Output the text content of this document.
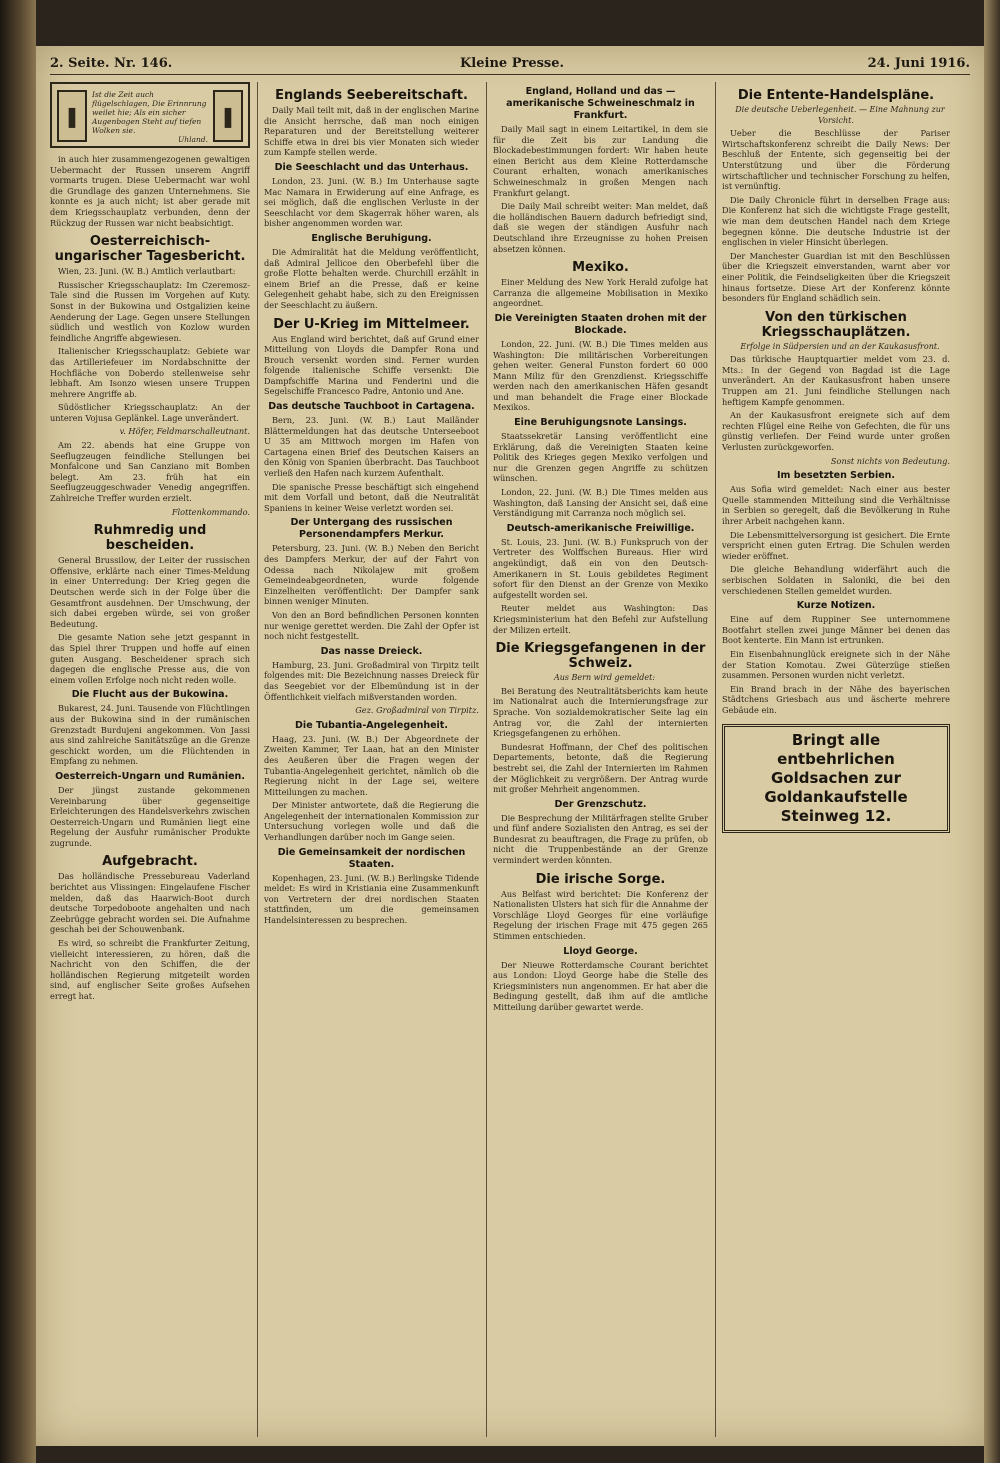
2. Seite. Nr. 146.	Kleine Presse.	24. Juni 1916.
❚
Ist die Zeit auch flügelschlagen, Die Erinnrung weilet hie; Als ein sicher Augenbogen Steht auf tiefen Wolken sie.

Uhland.
❚

in auch hier zusammengezogenen gewaltigen Uebermacht der Russen unserem Angriff vormarts trugen. Diese Uebermacht war wohl die Grundlage des ganzen Unternehmens. Sie konnte es ja auch nicht; ist aber gerade mit dem Kriegsschauplatz verbunden, denn der Rückzug der Russen war nicht beabsichtigt.

Oesterreichisch-ungarischer Tagesbericht.

Wien, 23. Juni. (W. B.) Amtlich verlautbart:

Russischer Kriegsschauplatz: Im Czeremosz-Tale sind die Russen im Vorgehen auf Kuty. Sonst in der Bukowina und Ostgalizien keine Aenderung der Lage. Gegen unsere Stellungen südlich und westlich von Kozlow wurden feindliche Angriffe abgewiesen.

Italienischer Kriegsschauplatz: Gebiete war das Artilleriefeuer im Nordabschnitte der Hochfläche von Doberdo stellenweise sehr lebhaft. Am Isonzo wiesen unsere Truppen mehrere Angriffe ab.

Südöstlicher Kriegsschauplatz: An der unteren Vojusa Geplänkel. Lage unverändert.

v. Höfer, Feldmarschalleutnant.

Am 22. abends hat eine Gruppe von Seeflugzeugen feindliche Stellungen bei Monfalcone und San Canziano mit Bomben belegt. Am 23. früh hat ein Seeflugzeuggeschwader Venedig angegriffen. Zahlreiche Treffer wurden erzielt.

Flottenkommando.

Ruhmredig und bescheiden.

General Brussilow, der Leiter der russischen Offensive, erklärte nach einer Times-Meldung in einer Unterredung: Der Krieg gegen die Deutschen werde sich in der Folge über die Gesamtfront ausdehnen. Der Umschwung, der sich dabei ergeben würde, sei von großer Bedeutung.

Die gesamte Nation sehe jetzt gespannt in das Spiel ihrer Truppen und hoffe auf einen guten Ausgang. Bescheidener sprach sich dagegen die englische Presse aus, die von einem vollen Erfolge noch nicht reden wolle.

Die Flucht aus der Bukowina.

Bukarest, 24. Juni. Tausende von Flüchtlingen aus der Bukowina sind in der rumänischen Grenzstadt Burdujeni angekommen. Von Jassi aus sind zahlreiche Sanitätszüge an die Grenze geschickt worden, um die Flüchtenden in Empfang zu nehmen.

Oesterreich-Ungarn und Rumänien.

Der jüngst zustande gekommenen Vereinbarung über gegenseitige Erleichterungen des Handelsverkehrs zwischen Oesterreich-Ungarn und Rumänien liegt eine Regelung der Ausfuhr rumänischer Produkte zugrunde.

Aufgebracht.

Das holländische Pressebureau Vaderland berichtet aus Vlissingen: Eingelaufene Fischer melden, daß das Haarwich-Boot durch deutsche Torpedoboote angehalten und nach Zeebrügge gebracht worden sei. Die Aufnahme geschah bei der Schouwenbank.

Es wird, so schreibt die Frankfurter Zeitung, vielleicht interessieren, zu hören, daß die Nachricht von den Schiffen, die der holländischen Regierung mitgeteilt worden sind, auf englischer Seite großes Aufsehen erregt hat.

Englands Seebereitschaft.

Daily Mail teilt mit, daß in der englischen Marine die Ansicht herrsche, daß man noch einigen Reparaturen und der Bereitstellung weiterer Schiffe etwa in drei bis vier Monaten sich wieder zum Kampfe stellen werde.

Die Seeschlacht und das Unterhaus.

London, 23. Juni. (W. B.) Im Unterhause sagte Mac Namara in Erwiderung auf eine Anfrage, es sei möglich, daß die englischen Verluste in der Seeschlacht vor dem Skagerrak höher waren, als bisher angenommen worden war.

Englische Beruhigung.

Die Admiralität hat die Meldung veröffentlicht, daß Admiral Jellicoe den Oberbefehl über die große Flotte behalten werde. Churchill erzählt in einem Brief an die Presse, daß er keine Gelegenheit gehabt habe, sich zu den Ereignissen der Seeschlacht zu äußern.

Der U-Krieg im Mittelmeer.

Aus England wird berichtet, daß auf Grund einer Mitteilung von Lloyds die Dampfer Rona und Brouch versenkt worden sind. Ferner wurden folgende italienische Schiffe versenkt: Die Dampfschiffe Marina und Fenderini und die Segelschiffe Francesco Padre, Antonio und Ane.

Das deutsche Tauchboot in Cartagena.

Bern, 23. Juni. (W. B.) Laut Mailänder Blättermeldungen hat das deutsche Unterseeboot U 35 am Mittwoch morgen im Hafen von Cartagena einen Brief des Deutschen Kaisers an den König von Spanien überbracht. Das Tauchboot verließ den Hafen nach kurzem Aufenthalt.

Die spanische Presse beschäftigt sich eingehend mit dem Vorfall und betont, daß die Neutralität Spaniens in keiner Weise verletzt worden sei.

Der Untergang des russischen Personendampfers Merkur.

Petersburg, 23. Juni. (W. B.) Neben den Bericht des Dampfers Merkur, der auf der Fahrt von Odessa nach Nikolajew mit großem Gemeindeabgeordneten, wurde folgende Einzelheiten veröffentlicht: Der Dampfer sank binnen weniger Minuten.

Von den an Bord befindlichen Personen konnten nur wenige gerettet werden. Die Zahl der Opfer ist noch nicht festgestellt.

Das nasse Dreieck.

Hamburg, 23. Juni. Großadmiral von Tirpitz teilt folgendes mit: Die Bezeichnung nasses Dreieck für das Seegebiet vor der Elbemündung ist in der Öffentlichkeit vielfach mißverstanden worden.

Gez. Großadmiral von Tirpitz.

Die Tubantia-Angelegenheit.

Haag, 23. Juni. (W. B.) Der Abgeordnete der Zweiten Kammer, Ter Laan, hat an den Minister des Aeußeren über die Fragen wegen der Tubantia-Angelegenheit gerichtet, nämlich ob die Regierung nicht in der Lage sei, weitere Mitteilungen zu machen.

Der Minister antwortete, daß die Regierung die Angelegenheit der internationalen Kommission zur Untersuchung vorlegen wolle und daß die Verhandlungen darüber noch im Gange seien.

Die Gemeinsamkeit der nordischen Staaten.

Kopenhagen, 23. Juni. (W. B.) Berlingske Tidende meldet: Es wird in Kristiania eine Zusammenkunft von Vertretern der drei nordischen Staaten stattfinden, um die gemeinsamen Handelsinteressen zu besprechen.

England, Holland und das — amerikanische Schweineschmalz in Frankfurt.

Daily Mail sagt in einem Leitartikel, in dem sie für die Zeit bis zur Landung die Blockadebestimmungen fordert: Wir haben heute einen Bericht aus dem Kleine Rotterdamsche Courant erhalten, wonach amerikanisches Schweineschmalz in großen Mengen nach Frankfurt gelangt.

Die Daily Mail schreibt weiter: Man meldet, daß die holländischen Bauern dadurch befriedigt sind, daß sie wegen der ständigen Ausfuhr nach Deutschland ihre Erzeugnisse zu hohen Preisen absetzen können.

Mexiko.

Einer Meldung des New York Herald zufolge hat Carranza die allgemeine Mobilisation in Mexiko angeordnet.

Die Vereinigten Staaten drohen mit der Blockade.

London, 22. Juni. (W. B.) Die Times melden aus Washington: Die militärischen Vorbereitungen gehen weiter. General Funston fordert 60 000 Mann Miliz für den Grenzdienst. Kriegsschiffe werden nach den amerikanischen Häfen gesandt und man behandelt die Frage einer Blockade Mexikos.

Eine Beruhigungsnote Lansings.

Staatssekretär Lansing veröffentlicht eine Erklärung, daß die Vereinigten Staaten keine Politik des Krieges gegen Mexiko verfolgen und nur die Grenzen gegen Angriffe zu schützen wünschen.

London, 22. Juni. (W. B.) Die Times melden aus Washington, daß Lansing der Ansicht sei, daß eine Verständigung mit Carranza noch möglich sei.

Deutsch-amerikanische Freiwillige.

St. Louis, 23. Juni. (W. B.) Funkspruch von der Vertreter des Wolffschen Bureaus. Hier wird angekündigt, daß ein von den Deutsch-Amerikanern in St. Louis gebildetes Regiment sofort für den Dienst an der Grenze von Mexiko aufgestellt worden sei.

Reuter meldet aus Washington: Das Kriegsministerium hat den Befehl zur Aufstellung der Milizen erteilt.

Die Kriegsgefangenen in der Schweiz.

Aus Bern wird gemeldet:

Bei Beratung des Neutralitätsberichts kam heute im Nationalrat auch die Internierungsfrage zur Sprache. Von sozialdemokratischer Seite lag ein Antrag vor, die Zahl der internierten Kriegsgefangenen zu erhöhen.

Bundesrat Hoffmann, der Chef des politischen Departements, betonte, daß die Regierung bestrebt sei, die Zahl der Internierten im Rahmen der Möglichkeit zu vergrößern. Der Antrag wurde mit großer Mehrheit angenommen.

Der Grenzschutz.

Die Besprechung der Militärfragen stellte Gruber und fünf andere Sozialisten den Antrag, es sei der Bundesrat zu beauftragen, die Frage zu prüfen, ob nicht die Truppenbestände an der Grenze vermindert werden könnten.

Die irische Sorge.

Aus Belfast wird berichtet: Die Konferenz der Nationalisten Ulsters hat sich für die Annahme der Vorschläge Lloyd Georges für eine vorläufige Regelung der irischen Frage mit 475 gegen 265 Stimmen entschieden.

Lloyd George.

Der Nieuwe Rotterdamsche Courant berichtet aus London: Lloyd George habe die Stelle des Kriegsministers nun angenommen. Er hat aber die Bedingung gestellt, daß ihm auf die amtliche Mitteilung darüber gewartet werde.

Die Entente-Handelspläne.

Die deutsche Ueberlegenheit. — Eine Mahnung zur Vorsicht.

Ueber die Beschlüsse der Pariser Wirtschaftskonferenz schreibt die Daily News: Der Beschluß der Entente, sich gegenseitig bei der Unterstützung und über die Förderung wirtschaftlicher und technischer Forschung zu helfen, ist vernünftig.

Die Daily Chronicle führt in derselben Frage aus: Die Konferenz hat sich die wichtigste Frage gestellt, wie man dem deutschen Handel nach dem Kriege begegnen könne. Die deutsche Industrie ist der englischen in vieler Hinsicht überlegen.

Der Manchester Guardian ist mit den Beschlüssen über die Kriegszeit einverstanden, warnt aber vor einer Politik, die Feindseligkeiten über die Kriegszeit hinaus fortsetze. Diese Art der Konferenz könnte besonders für England schädlich sein.

Von den türkischen Kriegsschauplätzen.

Erfolge in Südpersien und an der Kaukasusfront.

Das türkische Hauptquartier meldet vom 23. d. Mts.: In der Gegend von Bagdad ist die Lage unverändert. An der Kaukasusfront haben unsere Truppen am 21. Juni feindliche Stellungen nach heftigem Kampfe genommen.

An der Kaukasusfront ereignete sich auf dem rechten Flügel eine Reihe von Gefechten, die für uns günstig verliefen. Der Feind wurde unter großen Verlusten zurückgeworfen.

Sonst nichts von Bedeutung.

Im besetzten Serbien.

Aus Sofia wird gemeldet: Nach einer aus bester Quelle stammenden Mitteilung sind die Verhältnisse in Serbien so geregelt, daß die Bevölkerung in Ruhe ihrer Arbeit nachgehen kann.

Die Lebensmittelversorgung ist gesichert. Die Ernte verspricht einen guten Ertrag. Die Schulen werden wieder eröffnet.

Die gleiche Behandlung widerfährt auch die serbischen Soldaten in Saloniki, die bei den verschiedenen Stellen gemeldet wurden.

Kurze Notizen.

Eine auf dem Ruppiner See unternommene Bootfahrt stellen zwei junge Männer bei denen das Boot kenterte. Ein Mann ist ertrunken.

Ein Eisenbahnunglück ereignete sich in der Nähe der Station Komotau. Zwei Güterzüge stießen zusammen. Personen wurden nicht verletzt.

Ein Brand brach in der Nähe des bayerischen Städtchens Griesbach aus und äscherte mehrere Gebäude ein.

Bringt alle entbehrlichen Goldsachen zur Goldankaufstelle Steinweg 12.
